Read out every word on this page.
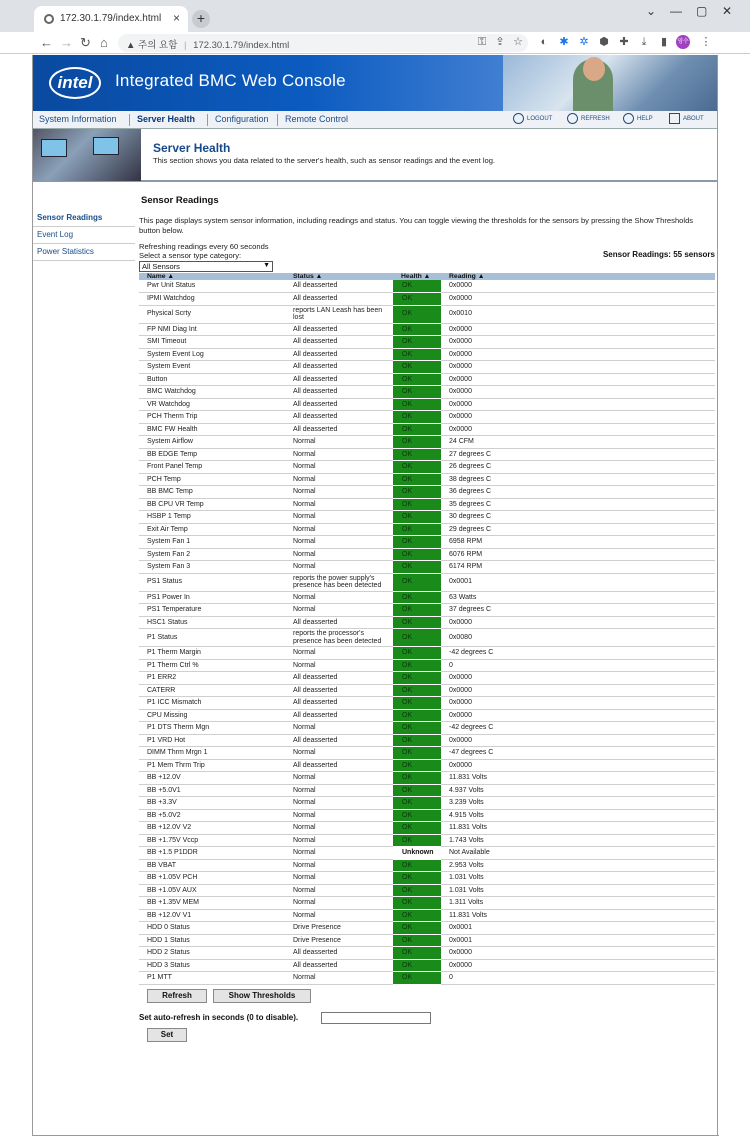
172.30.1.79/index.html ×	+	⌄ — ▢ ✕
← → ↻ ⌂	▲ 주의 요함 | 172.30.1.79/index.html	⚿ ⇪ ☆ ◐ ✱ ✲ ⬢ ✚	⤓	▮	영수 ⋮
intel	Integrated BMC Web Console
System Information Server Health Configuration Remote Control	LOGOUT	REFRESH	HELP	ABOUT
Server Health
This section shows you data related to the server's health, such as sensor readings and the event log.
Sensor Readings
Event Log
Power Statistics
Sensor Readings
This page displays system sensor information, including readings and status. You can toggle viewing the thresholds for the sensors by pressing the Show Thresholds button below.
Refreshing readings every 60 seconds
Select a sensor type category:
All Sensors	▼
Sensor Readings: 55 sensors
Name ▲	Status ▲	Health ▲	Reading ▲
Pwr Unit Status	All deasserted	OK	0x0000
IPMI Watchdog	All deasserted	OK	0x0000
Physical Scrty	reports LAN Leash has been lost	OK	0x0010
FP NMI Diag Int	All deasserted	OK	0x0000
SMI Timeout	All deasserted	OK	0x0000
System Event Log	All deasserted	OK	0x0000
System Event	All deasserted	OK	0x0000
Button	All deasserted	OK	0x0000
BMC Watchdog	All deasserted	OK	0x0000
VR Watchdog	All deasserted	OK	0x0000
PCH Therm Trip	All deasserted	OK	0x0000
BMC FW Health	All deasserted	OK	0x0000
System Airflow	Normal	OK	24 CFM
BB EDGE Temp	Normal	OK	27 degrees C
Front Panel Temp	Normal	OK	26 degrees C
PCH Temp	Normal	OK	38 degrees C
BB BMC Temp	Normal	OK	36 degrees C
BB CPU VR Temp	Normal	OK	35 degrees C
HSBP 1 Temp	Normal	OK	30 degrees C
Exit Air Temp	Normal	OK	29 degrees C
System Fan 1	Normal	OK	6958 RPM
System Fan 2	Normal	OK	6076 RPM
System Fan 3	Normal	OK	6174 RPM
PS1 Status	reports the power supply's presence has been detected	OK	0x0001
PS1 Power In	Normal	OK	63 Watts
PS1 Temperature	Normal	OK	37 degrees C
HSC1 Status	All deasserted	OK	0x0000
P1 Status	reports the processor's presence has been detected	OK	0x0080
P1 Therm Margin	Normal	OK	-42 degrees C
P1 Therm Ctrl %	Normal	OK	0
P1 ERR2	All deasserted	OK	0x0000
CATERR	All deasserted	OK	0x0000
P1 ICC Mismatch	All deasserted	OK	0x0000
CPU Missing	All deasserted	OK	0x0000
P1 DTS Therm Mgn	Normal	OK	-42 degrees C
P1 VRD Hot	All deasserted	OK	0x0000
DIMM Thrm Mrgn 1	Normal	OK	-47 degrees C
P1 Mem Thrm Trip	All deasserted	OK	0x0000
BB +12.0V	Normal	OK	11.831 Volts
BB +5.0V1	Normal	OK	4.937 Volts
BB +3.3V	Normal	OK	3.239 Volts
BB +5.0V2	Normal	OK	4.915 Volts
BB +12.0V V2	Normal	OK	11.831 Volts
BB +1.75V Vccp	Normal	OK	1.743 Volts
BB +1.5 P1DDR	Normal	Unknown	Not Available
BB VBAT	Normal	OK	2.953 Volts
BB +1.05V PCH	Normal	OK	1.031 Volts
BB +1.05V AUX	Normal	OK	1.031 Volts
BB +1.35V MEM	Normal	OK	1.311 Volts
BB +12.0V V1	Normal	OK	11.831 Volts
HDD 0 Status	Drive Presence	OK	0x0001
HDD 1 Status	Drive Presence	OK	0x0001
HDD 2 Status	All deasserted	OK	0x0000
HDD 3 Status	All deasserted	OK	0x0000
P1 MTT	Normal	OK	0
Refresh	Show Thresholds
Set auto-refresh in seconds (0 to disable).
Set
